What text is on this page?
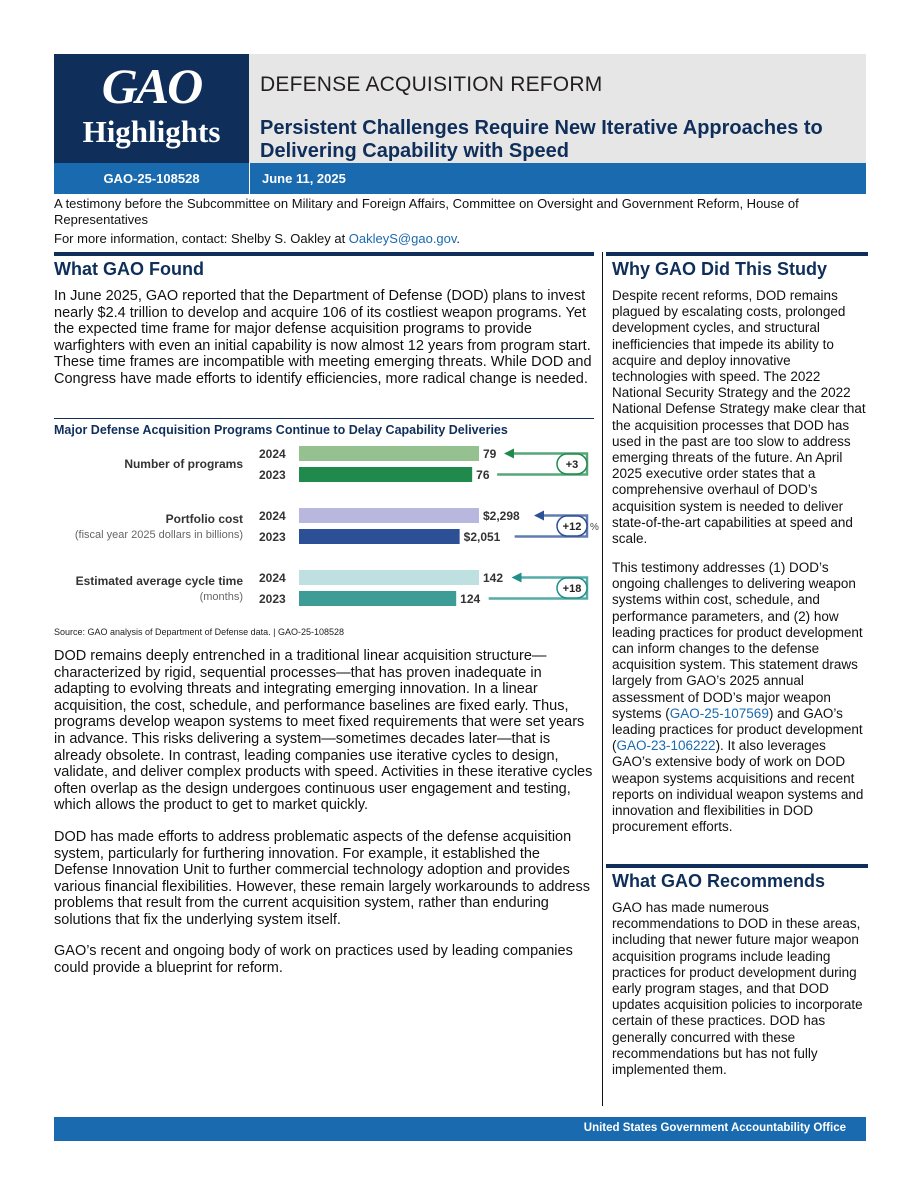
GAO
Highlights
DEFENSE ACQUISITION REFORM
Persistent Challenges Require New Iterative Approaches to Delivering Capability with Speed
GAO-25-108528	June 11, 2025
A testimony before the Subcommittee on Military and Foreign Affairs, Committee on Oversight and Government Reform, House of Representatives
For more information, contact: Shelby S. Oakley at OakleyS@gao.gov.
What GAO Found

In June 2025, GAO reported that the Department of Defense (DOD) plans to invest nearly $2.4 trillion to develop and acquire 106 of its costliest weapon programs. Yet the expected time frame for major defense acquisition programs to provide warfighters with even an initial capability is now almost 12 years from program start. These time frames are incompatible with meeting emerging threats. While DOD and Congress have made efforts to identify efficiencies, more radical change is needed.

Major Defense Acquisition Programs Continue to Delay Capability Deliveries
Number of programs
2024	79
2023	76
+3
Portfolio cost
(fiscal year 2025 dollars in billions)
2024	$2,298
2023	$2,051
+12 %
Estimated average cycle time
(months)
2024	142
2023	124
+18
Source: GAO analysis of Department of Defense data. | GAO-25-108528

DOD remains deeply entrenched in a traditional linear acquisition structure—characterized by rigid, sequential processes—that has proven inadequate in adapting to evolving threats and integrating emerging innovation. In a linear acquisition, the cost, schedule, and performance baselines are fixed early. Thus, programs develop weapon systems to meet fixed requirements that were set years in advance. This risks delivering a system—sometimes decades later—that is already obsolete. In contrast, leading companies use iterative cycles to design, validate, and deliver complex products with speed. Activities in these iterative cycles often overlap as the design undergoes continuous user engagement and testing, which allows the product to get to market quickly.

DOD has made efforts to address problematic aspects of the defense acquisition system, particularly for furthering innovation. For example, it established the Defense Innovation Unit to further commercial technology adoption and provides various financial flexibilities. However, these remain largely workarounds to address problems that result from the current acquisition system, rather than enduring solutions that fix the underlying system itself.

GAO’s recent and ongoing body of work on practices used by leading companies could provide a blueprint for reform.

Why GAO Did This Study

Despite recent reforms, DOD remains plagued by escalating costs, prolonged development cycles, and structural inefficiencies that impede its ability to acquire and deploy innovative technologies with speed. The 2022 National Security Strategy and the 2022 National Defense Strategy make clear that the acquisition processes that DOD has used in the past are too slow to address emerging threats of the future. An April 2025 executive order states that a comprehensive overhaul of DOD’s acquisition system is needed to deliver state-of-the-art capabilities at speed and scale.

This testimony addresses (1) DOD’s ongoing challenges to delivering weapon systems within cost, schedule, and performance parameters, and (2) how leading practices for product development can inform changes to the defense acquisition system. This statement draws largely from GAO’s 2025 annual assessment of DOD’s major weapon systems (GAO-25-107569) and GAO’s leading practices for product development (GAO-23-106222). It also leverages GAO’s extensive body of work on DOD weapon systems acquisitions and recent reports on individual weapon systems and innovation and flexibilities in DOD procurement efforts.

What GAO Recommends

GAO has made numerous recommendations to DOD in these areas, including that newer future major weapon acquisition programs include leading practices for product development during early program stages, and that DOD updates acquisition policies to incorporate certain of these practices. DOD has generally concurred with these recommendations but has not fully implemented them.

United States Government Accountability Office
